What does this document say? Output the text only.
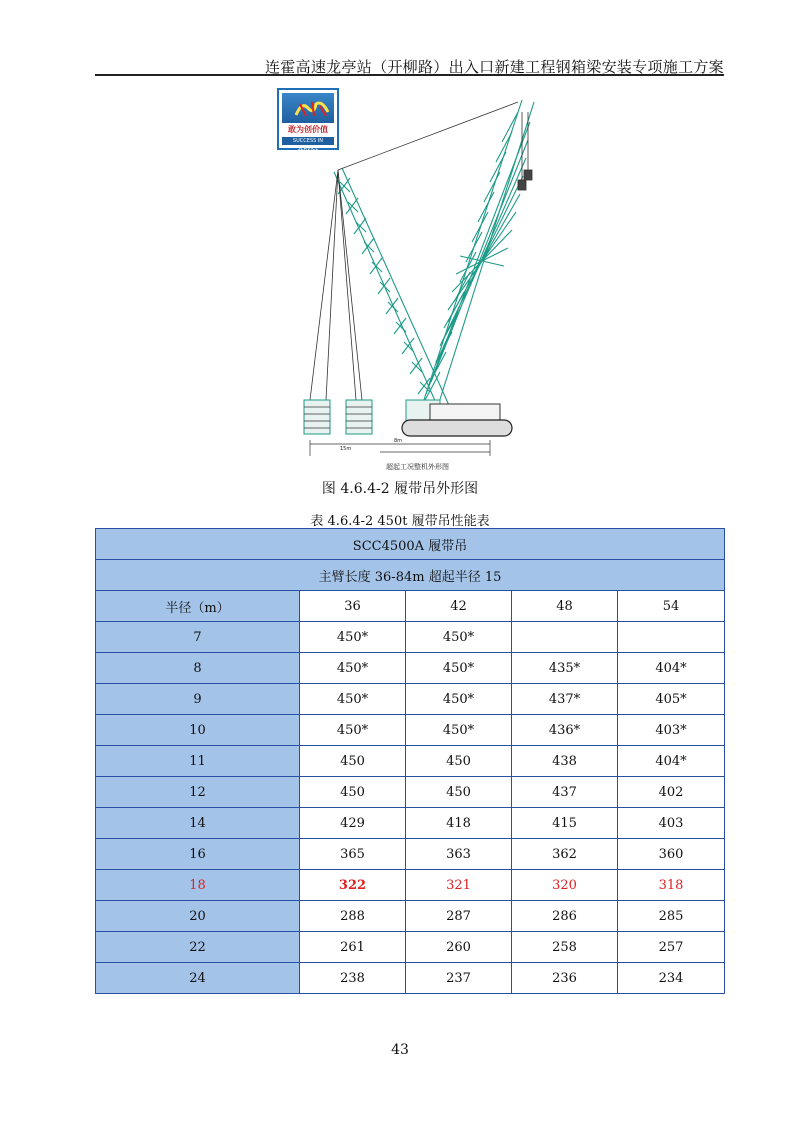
连霍高速龙亭站（开柳路）出入口新建工程钢箱梁安装专项施工方案
敢为创价值
SUCCESS IN SERVICE
8m
15m
超起工况整机外形图
图 4.6.4-2 履带吊外形图
表 4.6.4-2 450t 履带吊性能表
SCC4500A 履带吊				
主臂长度 36-84m 超起半径 15				
半径（m）	36	42	48	54
7	450*	450*		
8	450*	450*	435*	404*
9	450*	450*	437*	405*
10	450*	450*	436*	403*
11	450	450	438	404*
12	450	450	437	402
14	429	418	415	403
16	365	363	362	360
18	322	321	320	318
20	288	287	286	285
22	261	260	258	257
24	238	237	236	234
43
